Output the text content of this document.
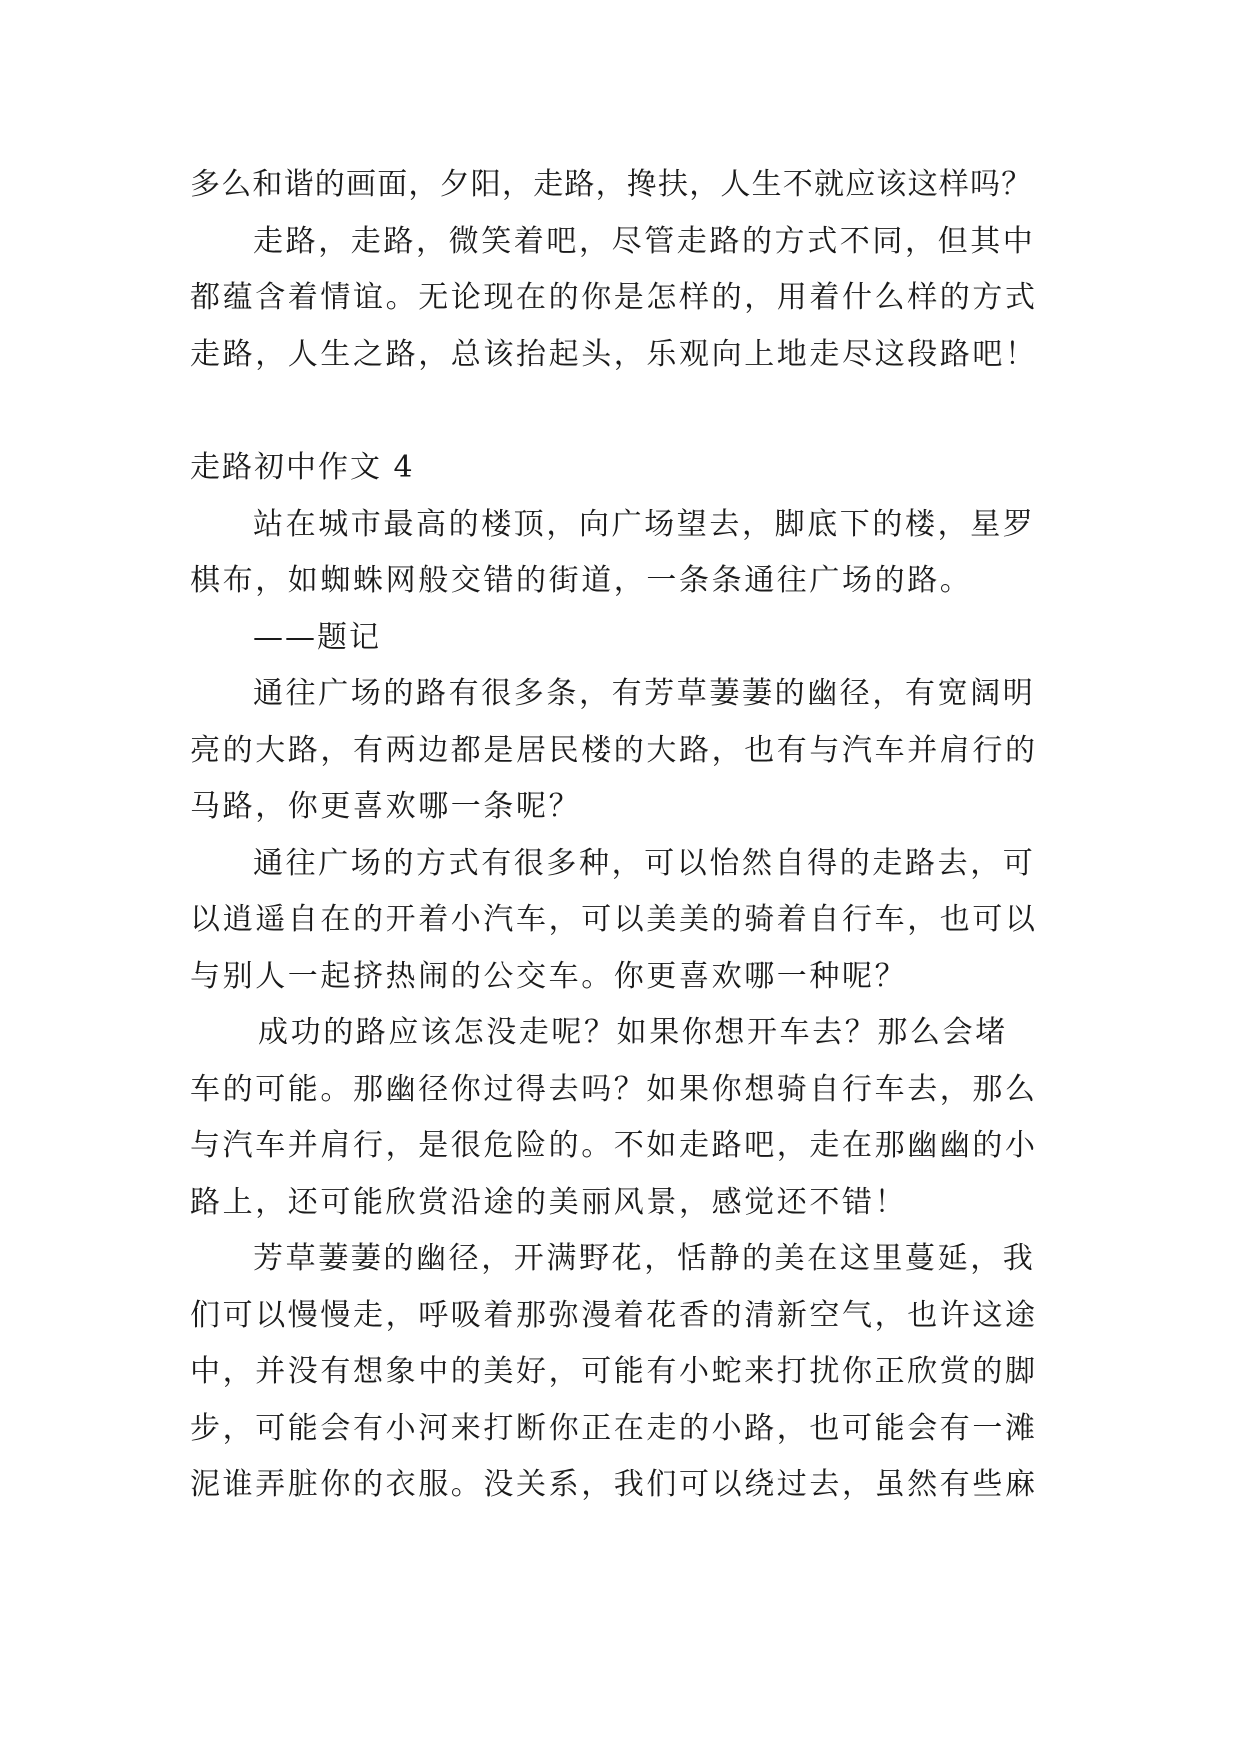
多么和谐的画面，夕阳，走路，搀扶，人生不就应该这样吗？
走路，走路，微笑着吧，尽管走路的方式不同，但其中
都蕴含着情谊。无论现在的你是怎样的，用着什么样的方式
走路，人生之路，总该抬起头，乐观向上地走尽这段路吧！
走路初中作文 4
站在城市最高的楼顶，向广场望去，脚底下的楼，星罗
棋布，如蜘蛛网般交错的街道，一条条通往广场的路。
——题记
通往广场的路有很多条，有芳草萋萋的幽径，有宽阔明
亮的大路，有两边都是居民楼的大路，也有与汽车并肩行的
马路，你更喜欢哪一条呢？
通往广场的方式有很多种，可以怡然自得的走路去，可
以逍遥自在的开着小汽车，可以美美的骑着自行车，也可以
与别人一起挤热闹的公交车。你更喜欢哪一种呢？
成功的路应该怎没走呢？如果你想开车去？那么会堵
车的可能。那幽径你过得去吗？如果你想骑自行车去，那么
与汽车并肩行，是很危险的。不如走路吧，走在那幽幽的小
路上，还可能欣赏沿途的美丽风景，感觉还不错！
芳草萋萋的幽径，开满野花，恬静的美在这里蔓延，我
们可以慢慢走，呼吸着那弥漫着花香的清新空气，也许这途
中，并没有想象中的美好，可能有小蛇来打扰你正欣赏的脚
步，可能会有小河来打断你正在走的小路，也可能会有一滩
泥谁弄脏你的衣服。没关系，我们可以绕过去，虽然有些麻
